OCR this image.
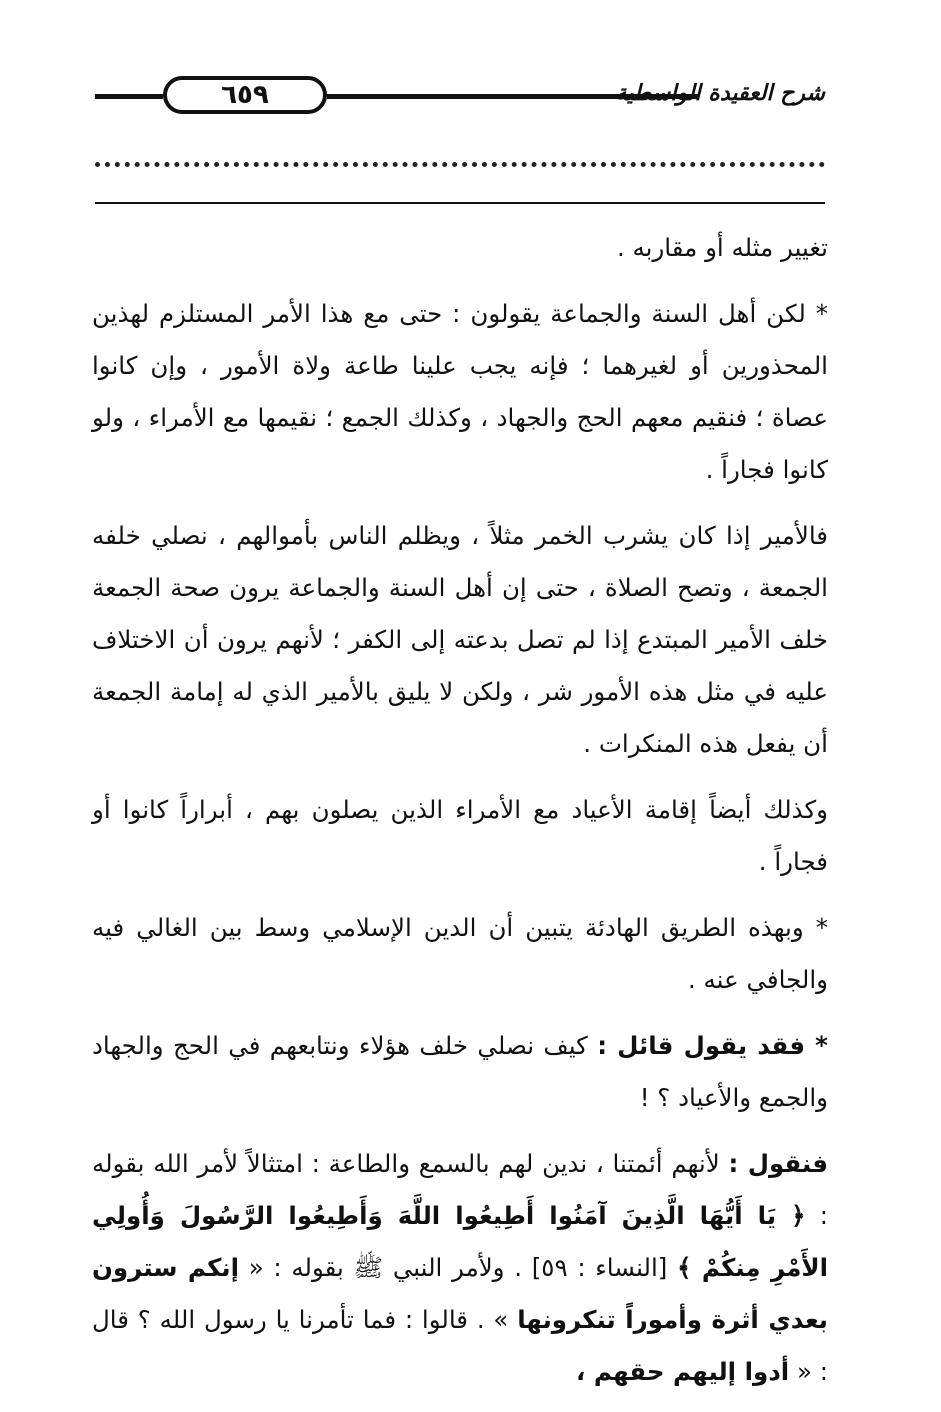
٦٥٩	شرح العقيدة الواسطية

تغيير مثله أو مقاربه .

* لكن أهل السنة والجماعة يقولون : حتى مع هذا الأمر المستلزم لهذين المحذورين أو لغيرهما ؛ فإنه يجب علينا طاعة ولاة الأمور ، وإن كانوا عصاة ؛ فنقيم معهم الحج والجهاد ، وكذلك الجمع ؛ نقيمها مع الأمراء ، ولو كانوا فجاراً .

فالأمير إذا كان يشرب الخمر مثلاً ، ويظلم الناس بأموالهم ، نصلي خلفه الجمعة ، وتصح الصلاة ، حتى إن أهل السنة والجماعة يرون صحة الجمعة خلف الأمير المبتدع إذا لم تصل بدعته إلى الكفر ؛ لأنهم يرون أن الاختلاف عليه في مثل هذه الأمور شر ، ولكن لا يليق بالأمير الذي له إمامة الجمعة أن يفعل هذه المنكرات .

وكذلك أيضاً إقامة الأعياد مع الأمراء الذين يصلون بهم ، أبراراً كانوا أو فجاراً .

* وبهذه الطريق الهادئة يتبين أن الدين الإسلامي وسط بين الغالي فيه والجافي عنه .

* فقد يقول قائل : كيف نصلي خلف هؤلاء ونتابعهم في الحج والجهاد والجمع والأعياد ؟ !

فنقول : لأنهم أئمتنا ، ندين لهم بالسمع والطاعة : امتثالاً لأمر الله بقوله : ﴿ يَا أَيُّهَا الَّذِينَ آمَنُوا أَطِيعُوا اللَّهَ وَأَطِيعُوا الرَّسُولَ وَأُولِي الأَمْرِ مِنكُمْ ﴾ [النساء : ٥٩] . ولأمر النبي ﷺ بقوله : « إنكم سترون بعدي أثرة وأموراً تنكرونها » . قالوا : فما تأمرنا يا رسول الله ؟ قال : « أدوا إليهم حقهم ،
